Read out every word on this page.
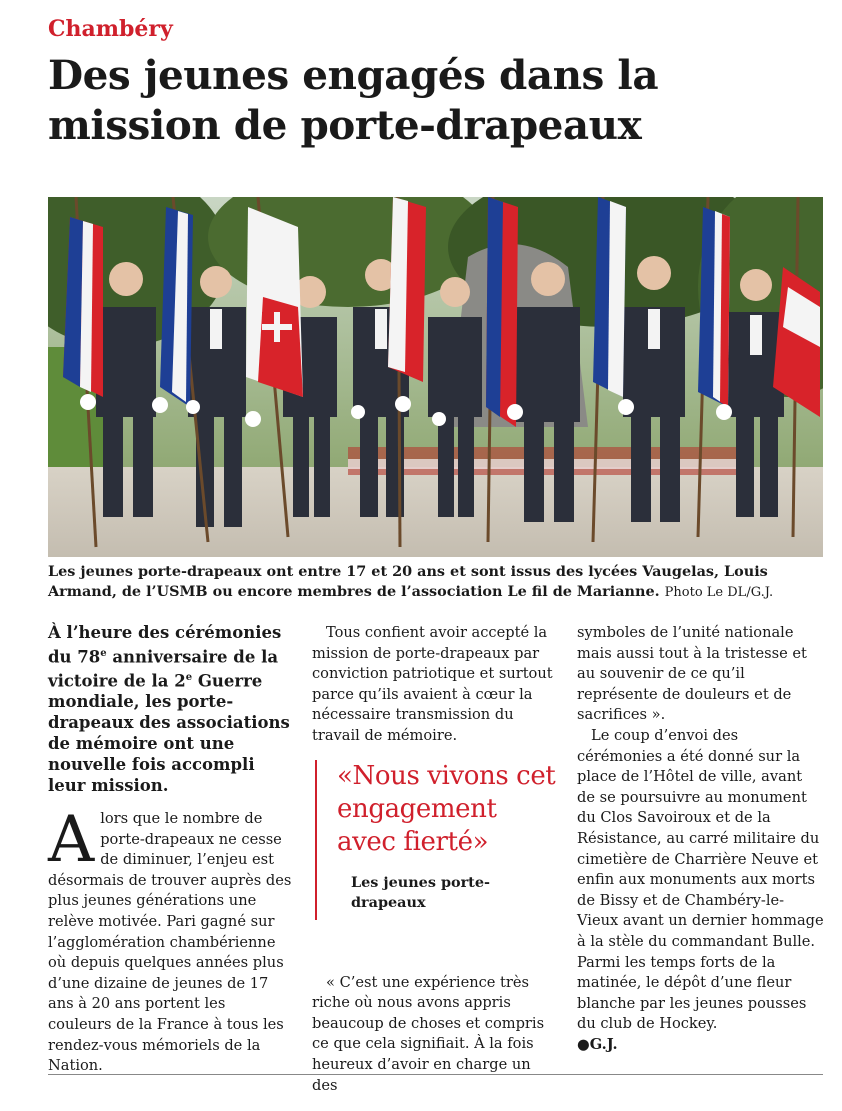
Chambéry
Des jeunes engagés dans la mission de porte-drapeaux

Les jeunes porte-drapeaux ont entre 17 et 20 ans et sont issus des lycées Vaugelas, Louis Armand, de l’USMB ou encore membres de l’association Le fil de Marianne. Photo Le DL/G.J.

À l’heure des cérémonies du 78e anniversaire de la victoire de la 2e Guerre mondiale, les porte-drapeaux des associations de mémoire ont une nouvelle fois accompli leur mission.

Alors que le nombre de porte-drapeaux ne cesse de diminuer, l’enjeu est désormais de trouver auprès des plus jeunes générations une relève motivée. Pari gagné sur l’agglomération chambérienne où depuis quelques années plus d’une dizaine de jeunes de 17 ans à 20 ans portent les couleurs de la France à tous les rendez-vous mémoriels de la Nation.

Tous confient avoir accepté la mission de porte-drapeaux par conviction patriotique et surtout parce qu’ils avaient à cœur la nécessaire transmission du travail de mémoire.

«Nous vivons cet engagement avec fierté»

Les jeunes porte-drapeaux

« C’est une expérience très riche où nous avons appris beaucoup de choses et compris ce que cela signifiait. À la fois heureux d’avoir en charge un des

symboles de l’unité nationale mais aussi tout à la tristesse et au souvenir de ce qu’il représente de douleurs et de sacrifices ».

Le coup d’envoi des cérémonies a été donné sur la place de l’Hôtel de ville, avant de se poursuivre au monument du Clos Savoiroux et de la Résistance, au carré militaire du cimetière de Charrière Neuve et enfin aux monuments aux morts de Bissy et de Chambéry-le-Vieux avant un dernier hommage à la stèle du commandant Bulle. Parmi les temps forts de la matinée, le dépôt d’une fleur blanche par les jeunes pousses du club de Hockey.

●G.J.
